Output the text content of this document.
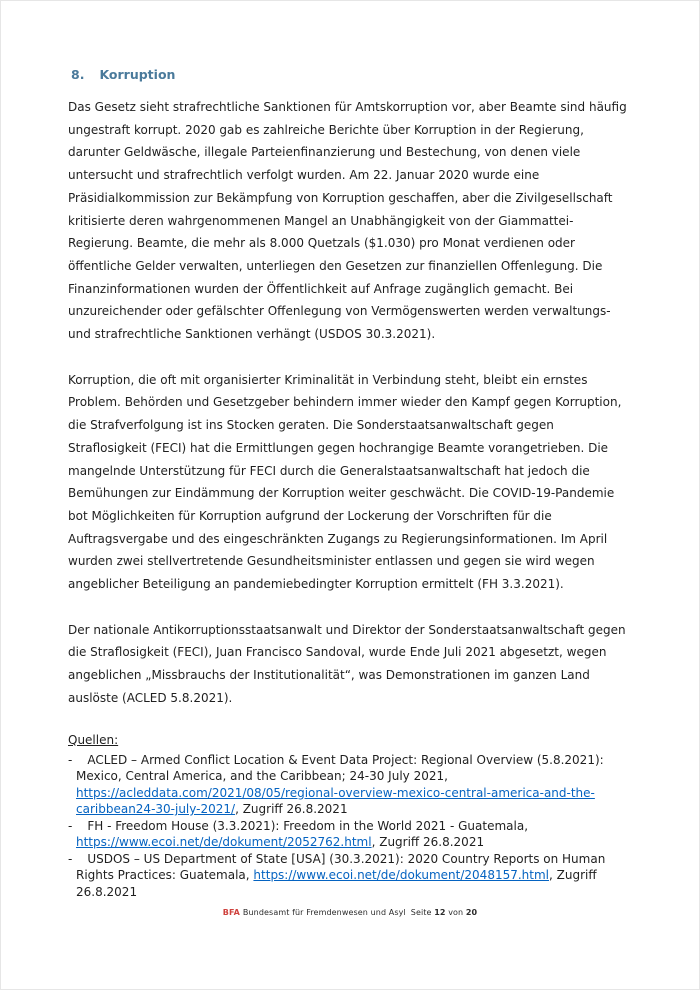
8. Korruption

Das Gesetz sieht strafrechtliche Sanktionen für Amtskorruption vor, aber Beamte sind häufig ungestraft korrupt. 2020 gab es zahlreiche Berichte über Korruption in der Regierung, darunter Geldwäsche, illegale Parteienfinanzierung und Bestechung, von denen viele untersucht und strafrechtlich verfolgt wurden. Am 22. Januar 2020 wurde eine Präsidialkommission zur Bekämpfung von Korruption geschaffen, aber die Zivilgesellschaft kritisierte deren wahrgenommenen Mangel an Unabhängigkeit von der Giammattei-Regierung. Beamte, die mehr als 8.000 Quetzals ($1.030) pro Monat verdienen oder öffentliche Gelder verwalten, unterliegen den Gesetzen zur finanziellen Offenlegung. Die Finanzinformationen wurden der Öffentlichkeit auf Anfrage zugänglich gemacht. Bei unzureichender oder gefälschter Offenlegung von Vermögenswerten werden verwaltungs- und strafrechtliche Sanktionen verhängt (USDOS 30.3.2021).

Korruption, die oft mit organisierter Kriminalität in Verbindung steht, bleibt ein ernstes Problem. Behörden und Gesetzgeber behindern immer wieder den Kampf gegen Korruption, die Strafverfolgung ist ins Stocken geraten. Die Sonderstaatsanwaltschaft gegen Straflosigkeit (FECI) hat die Ermittlungen gegen hochrangige Beamte vorangetrieben. Die mangelnde Unterstützung für FECI durch die Generalstaatsanwaltschaft hat jedoch die Bemühungen zur Eindämmung der Korruption weiter geschwächt. Die COVID-19-Pandemie bot Möglichkeiten für Korruption aufgrund der Lockerung der Vorschriften für die Auftragsvergabe und des eingeschränkten Zugangs zu Regierungsinformationen. Im April wurden zwei stellvertretende Gesundheitsminister entlassen und gegen sie wird wegen angeblicher Beteiligung an pandemiebedingter Korruption ermittelt (FH 3.3.2021).

Der nationale Antikorruptionsstaatsanwalt und Direktor der Sonderstaatsanwaltschaft gegen die Straflosigkeit (FECI), Juan Francisco Sandoval, wurde Ende Juli 2021 abgesetzt, wegen angeblichen „Missbrauchs der Institutionalität“, was Demonstrationen im ganzen Land auslöste (ACLED 5.8.2021).

Quellen:
- ACLED – Armed Conflict Location & Event Data Project: Regional Overview (5.8.2021): Mexico, Central America, and the Caribbean; 24-30 July 2021, https://acleddata.com/2021/08/05/regional-overview-mexico-central-america-and-the-caribbean24-30-july-2021/, Zugriff 26.8.2021
- FH - Freedom House (3.3.2021): Freedom in the World 2021 - Guatemala, https://www.ecoi.net/de/dokument/2052762.html, Zugriff 26.8.2021
- USDOS – US Department of State [USA] (30.3.2021): 2020 Country Reports on Human Rights Practices: Guatemala, https://www.ecoi.net/de/dokument/2048157.html, Zugriff 26.8.2021
BFA Bundesamt für Fremdenwesen und Asyl Seite 12 von 20
